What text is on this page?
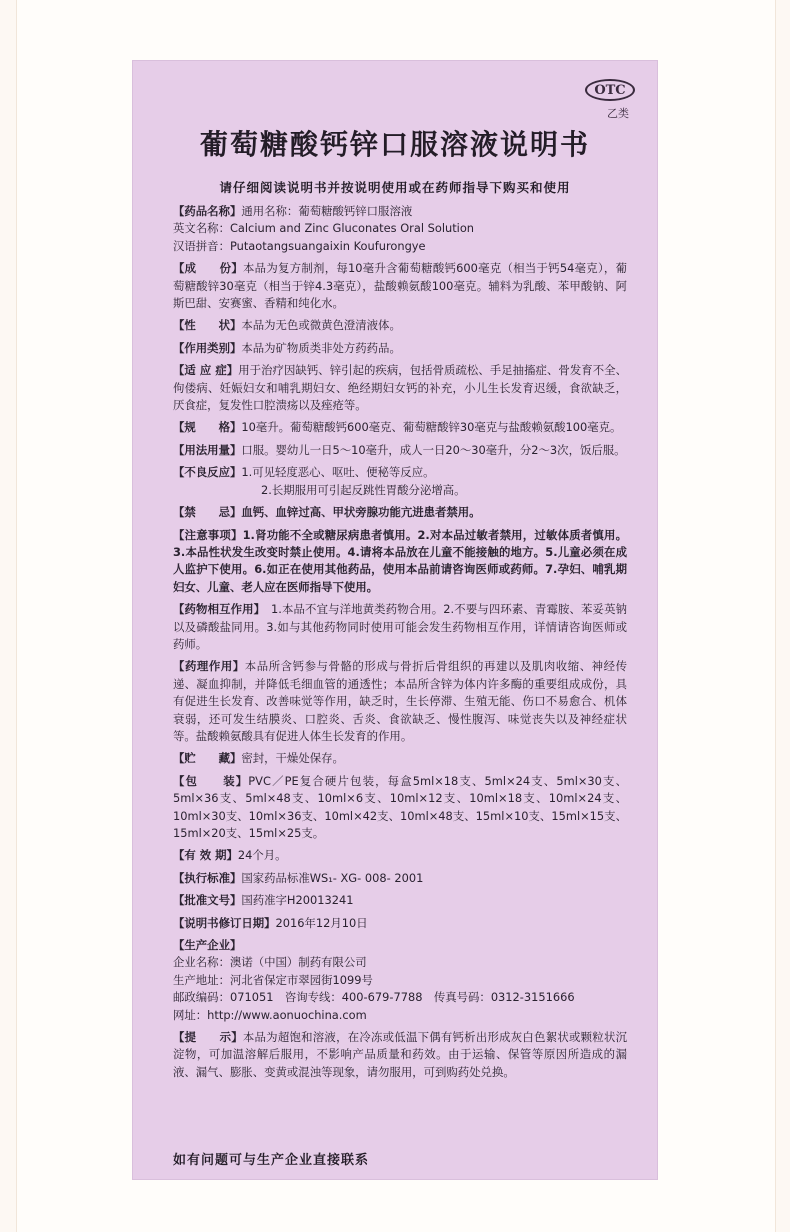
OTC
乙类
葡萄糖酸钙锌口服溶液说明书
请仔细阅读说明书并按说明使用或在药师指导下购买和使用
【药品名称】通用名称：葡萄糖酸钙锌口服溶液
英文名称：Calcium and Zinc Gluconates Oral Solution
汉语拼音：Putaotangsuangaixin Koufurongye
【成　　份】本品为复方制剂，每10毫升含葡萄糖酸钙600毫克（相当于钙54毫克），葡萄糖酸锌30毫克（相当于锌4.3毫克），盐酸赖氨酸100毫克。辅料为乳酸、苯甲酸钠、阿斯巴甜、安赛蜜、香精和纯化水。
【性　　状】本品为无色或微黄色澄清液体。
【作用类别】本品为矿物质类非处方药药品。
【适 应 症】用于治疗因缺钙、锌引起的疾病，包括骨质疏松、手足抽搐症、骨发育不全、佝偻病、妊娠妇女和哺乳期妇女、绝经期妇女钙的补充，小儿生长发育迟缓，食欲缺乏，厌食症，复发性口腔溃疡以及痤疮等。
【规　　格】10毫升。葡萄糖酸钙600毫克、葡萄糖酸锌30毫克与盐酸赖氨酸100毫克。
【用法用量】口服。婴幼儿一日5～10毫升，成人一日20～30毫升，分2～3次，饭后服。
【不良反应】1.可见轻度恶心、呕吐、便秘等反应。

2.长期服用可引起反跳性胃酸分泌增高。
【禁　　忌】血钙、血锌过高、甲状旁腺功能亢进患者禁用。
【注意事项】1.肾功能不全或糖尿病患者慎用。2.对本品过敏者禁用，过敏体质者慎用。3.本品性状发生改变时禁止使用。4.请将本品放在儿童不能接触的地方。5.儿童必须在成人监护下使用。6.如正在使用其他药品，使用本品前请咨询医师或药师。7.孕妇、哺乳期妇女、儿童、老人应在医师指导下使用。
【药物相互作用】　1.本品不宜与洋地黄类药物合用。2.不要与四环素、青霉胺、苯妥英钠以及磷酸盐同用。3.如与其他药物同时使用可能会发生药物相互作用，详情请咨询医师或药师。
【药理作用】本品所含钙参与骨骼的形成与骨折后骨组织的再建以及肌肉收缩、神经传递、凝血抑制，并降低毛细血管的通透性；本品所含锌为体内许多酶的重要组成成份，具有促进生长发育、改善味觉等作用，缺乏时，生长停滞、生殖无能、伤口不易愈合、机体衰弱，还可发生结膜炎、口腔炎、舌炎、食欲缺乏、慢性腹泻、味觉丧失以及神经症状等。盐酸赖氨酸具有促进人体生长发育的作用。
【贮　　藏】密封，干燥处保存。
【包　　装】PVC／PE复合硬片包装，每盒5ml×18支、5ml×24支、5ml×30支、5ml×36支、5ml×48支、10ml×6支、10ml×12支、10ml×18支、10ml×24支、10ml×30支、10ml×36支、10ml×42支、10ml×48支、15ml×10支、15ml×15支、15ml×20支、15ml×25支。
【有 效 期】24个月。
【执行标准】国家药品标准WS₁- XG- 008- 2001
【批准文号】国药准字H20013241
【说明书修订日期】2016年12月10日
【生产企业】
企业名称：澳诺（中国）制药有限公司
生产地址：河北省保定市翠园街1099号
邮政编码：071051　咨询专线：400-679-7788　传真号码：0312-3151666
网址：http://www.aonuochina.com
【提　　示】本品为超饱和溶液，在冷冻或低温下偶有钙析出形成灰白色絮状或颗粒状沉淀物，可加温溶解后服用，不影响产品质量和药效。由于运输、保管等原因所造成的漏液、漏气、膨胀、变黄或混浊等现象，请勿服用，可到购药处兑换。
如有问题可与生产企业直接联系
